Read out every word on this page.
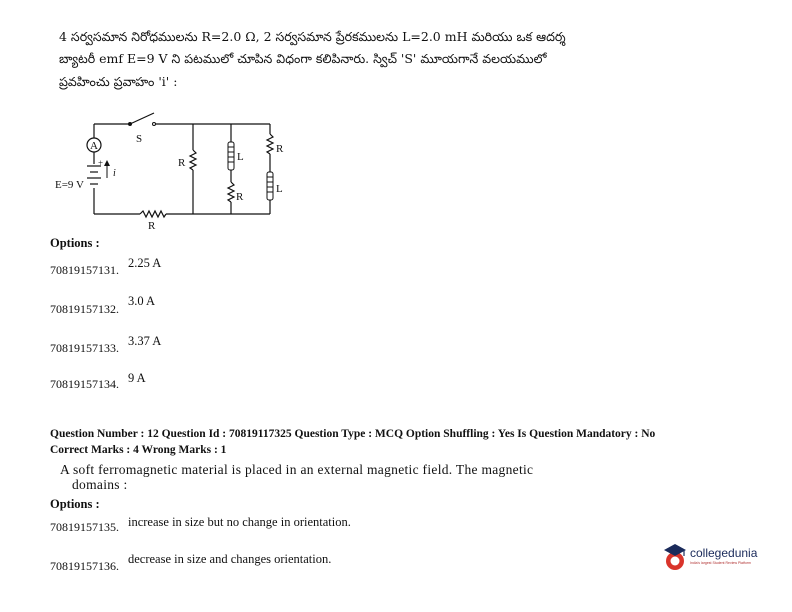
4 సర్వసమాన నిరోధములను R=2.0 Ω, 2 సర్వసమాన ప్రేరకములను L=2.0 mH మరియు ఒక ఆదర్శ
బ్యాటరీ emf E=9 V ని పటములో చూపిన విధంగా కలిపినారు. స్విచ్ 'S' మూయగానే వలయములో
ప్రవహించు ప్రవాహం 'i' :
A
i
+
S
E=9 V
R
R	L
R
R
L
Options :
70819157131. 2.25 A
70819157132.
3.0 A
70819157133. 3.37 A
70819157134. 9 A
Question Number : 12 Question Id : 70819117325 Question Type : MCQ Option Shuffling : Yes Is Question Mandatory : No
Correct Marks : 4 Wrong Marks : 1
A soft ferromagnetic material is placed in an external magnetic field. The magnetic
domains :
Options :
70819157135. increase in size but no change in orientation.
70819157136. decrease in size and changes orientation.	collegedunia
India's largest Student Review Platform
